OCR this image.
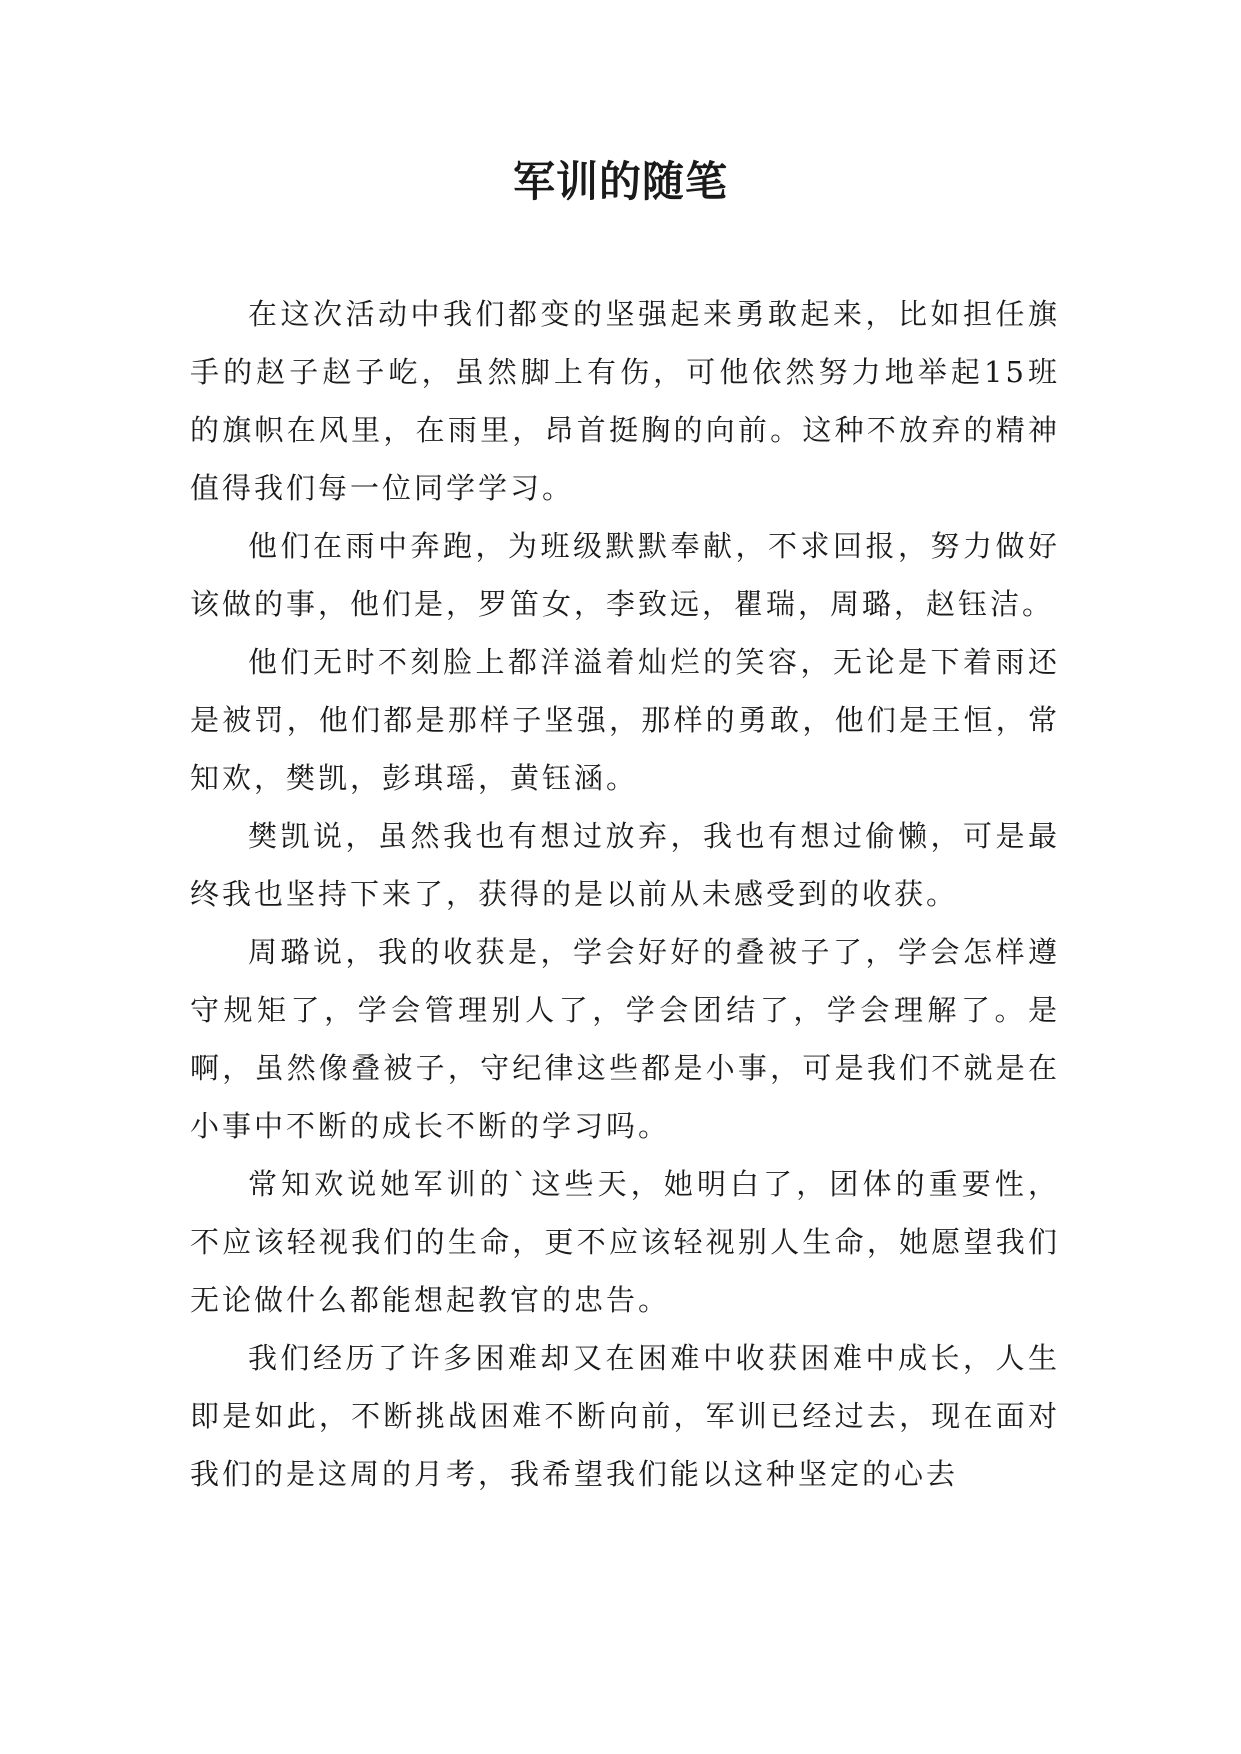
军训的随笔

在这次活动中我们都变的坚强起来勇敢起来，比如担任旗手的赵子赵子屹，虽然脚上有伤，可他依然努力地举起15班的旗帜在风里，在雨里，昂首挺胸的向前。这种不放弃的精神值得我们每一位同学学习。

他们在雨中奔跑，为班级默默奉献，不求回报，努力做好该做的事，他们是，罗笛女，李致远，瞿瑞，周璐，赵钰洁。

他们无时不刻脸上都洋溢着灿烂的笑容，无论是下着雨还是被罚，他们都是那样子坚强，那样的勇敢，他们是王恒，常知欢，樊凯，彭琪瑶，黄钰涵。

樊凯说，虽然我也有想过放弃，我也有想过偷懒，可是最终我也坚持下来了，获得的是以前从未感受到的收获。

周璐说，我的收获是，学会好好的叠被子了，学会怎样遵守规矩了，学会管理别人了，学会团结了，学会理解了。是啊，虽然像叠被子，守纪律这些都是小事，可是我们不就是在小事中不断的成长不断的学习吗。

常知欢说她军训的`这些天，她明白了，团体的重要性，不应该轻视我们的生命，更不应该轻视别人生命，她愿望我们无论做什么都能想起教官的忠告。

我们经历了许多困难却又在困难中收获困难中成长，人生即是如此，不断挑战困难不断向前，军训已经过去，现在面对我们的是这周的月考，我希望我们能以这种坚定的心去
